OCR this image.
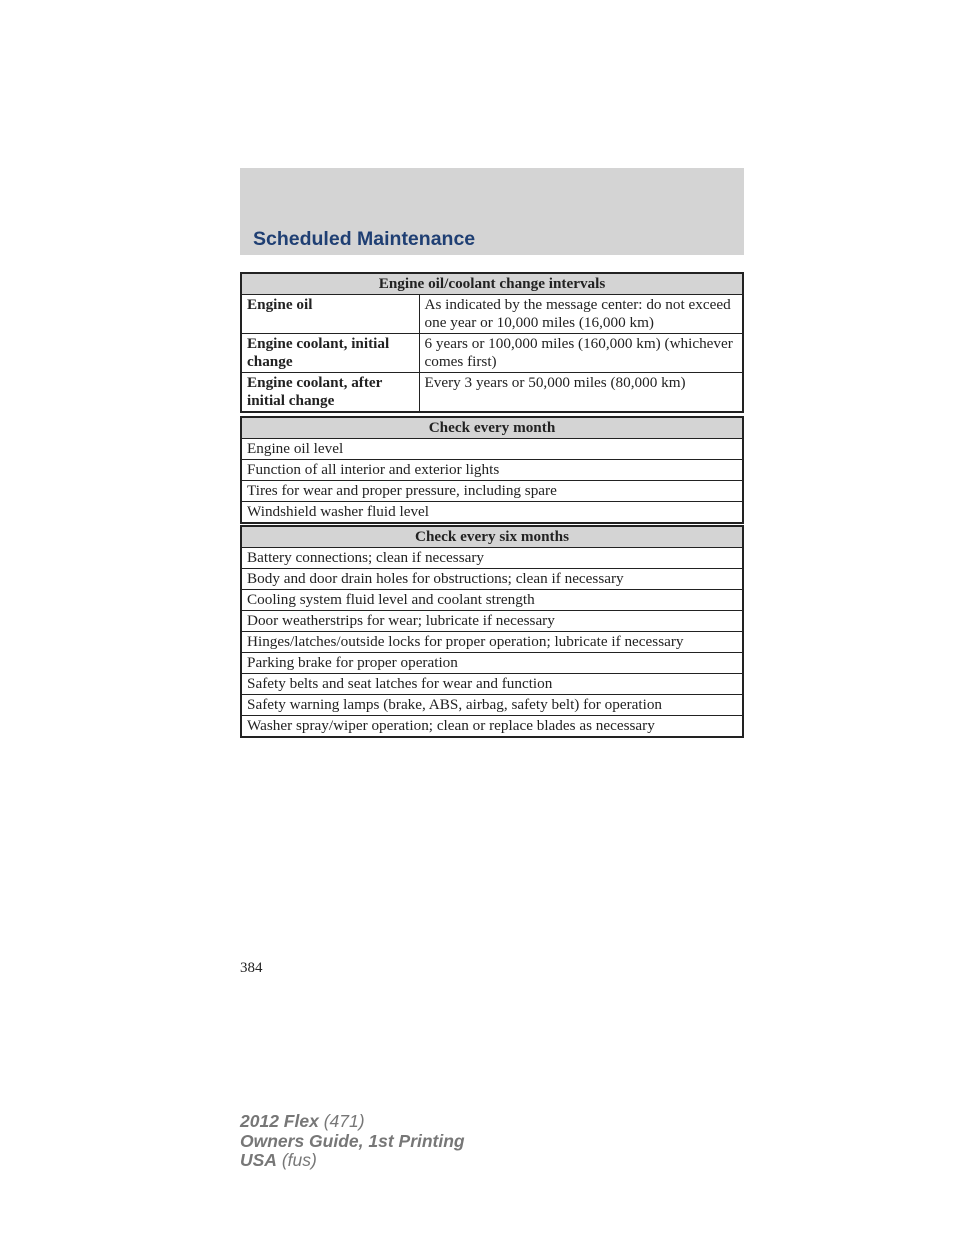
Scheduled Maintenance
Engine oil/coolant change intervals	
Engine oil	As indicated by the message center: do not exceed one year or 10,000 miles (16,000 km)
Engine coolant, initial change	6 years or 100,000 miles (160,000 km) (whichever comes first)
Engine coolant, after initial change	Every 3 years or 50,000 miles (80,000 km)
Check every month
Engine oil level
Function of all interior and exterior lights
Tires for wear and proper pressure, including spare
Windshield washer fluid level
Check every six months
Battery connections; clean if necessary
Body and door drain holes for obstructions; clean if necessary
Cooling system fluid level and coolant strength
Door weatherstrips for wear; lubricate if necessary
Hinges/latches/outside locks for proper operation; lubricate if necessary
Parking brake for proper operation
Safety belts and seat latches for wear and function
Safety warning lamps (brake, ABS, airbag, safety belt) for operation
Washer spray/wiper operation; clean or replace blades as necessary
384
2012 Flex (471)
Owners Guide, 1st Printing
USA (fus)
